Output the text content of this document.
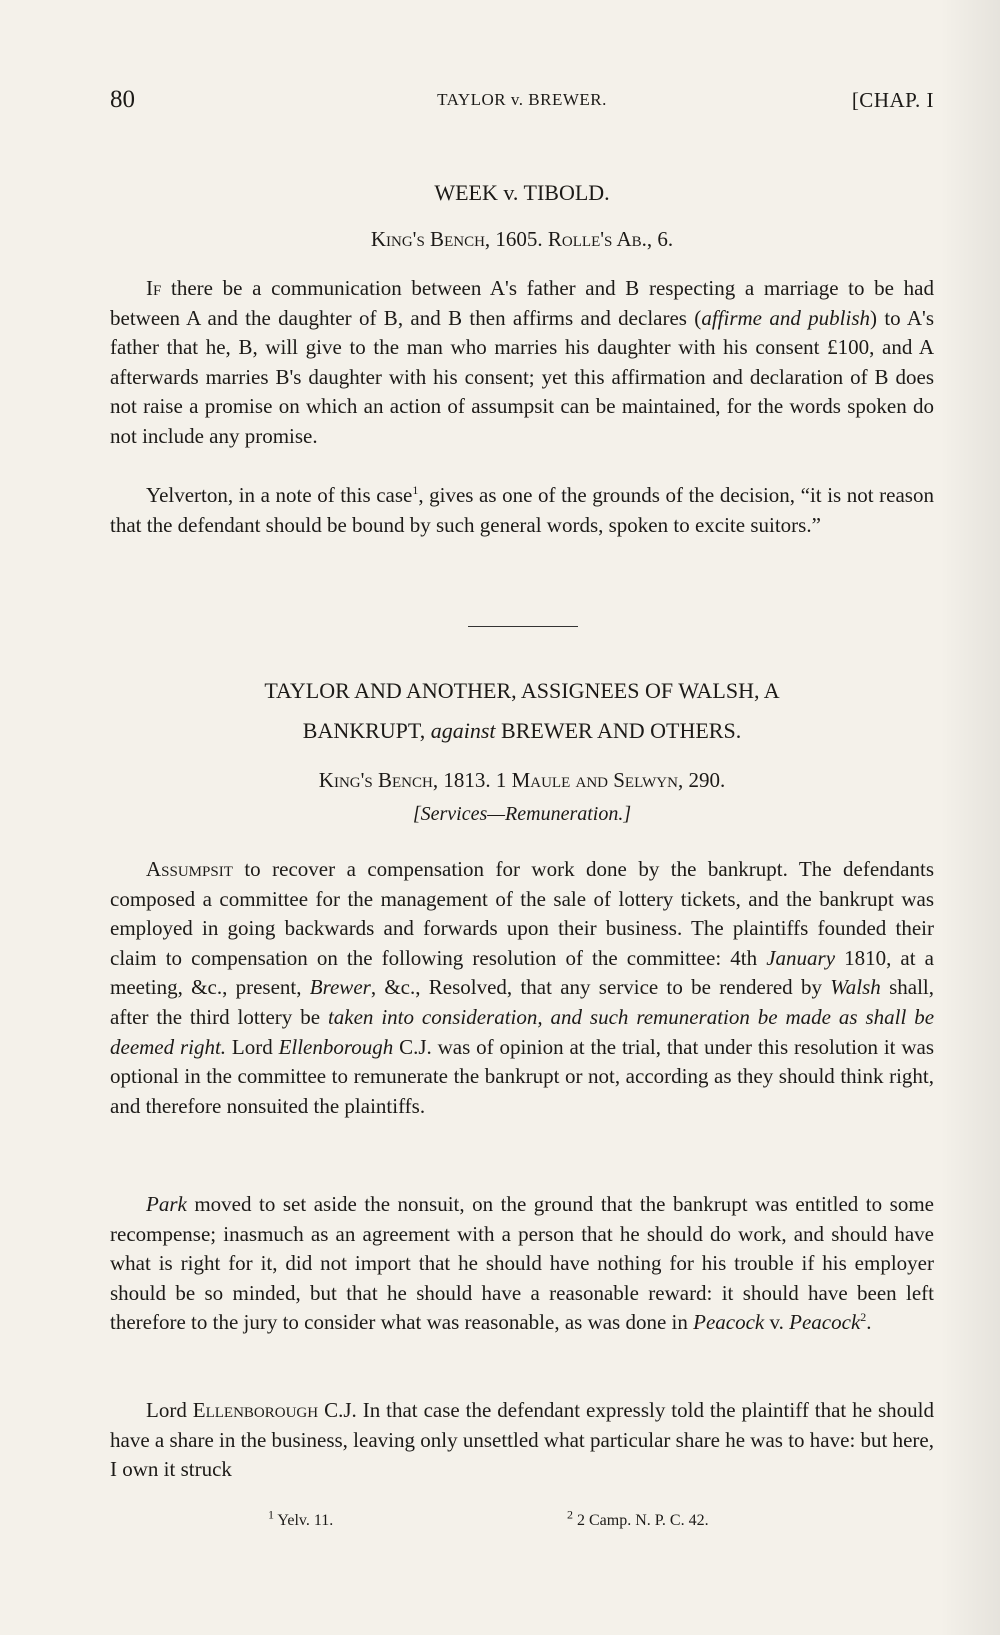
80	TAYLOR v. BREWER.	[CHAP. I
WEEK v. TIBOLD.
King's Bench, 1605. Rolle's Ab., 6.

If there be a communication between A's father and B respecting a marriage to be had between A and the daughter of B, and B then affirms and declares (affirme and publish) to A's father that he, B, will give to the man who marries his daughter with his consent £100, and A afterwards marries B's daughter with his consent; yet this affirmation and declaration of B does not raise a promise on which an action of assumpsit can be maintained, for the words spoken do not include any promise.

Yelverton, in a note of this case$^1$, gives as one of the grounds of the decision, “it is not reason that the defendant should be bound by such general words, spoken to excite suitors.”

TAYLOR AND ANOTHER, ASSIGNEES OF WALSH, A
BANKRUPT, against BREWER AND OTHERS.
King's Bench, 1813. 1 Maule and Selwyn, 290.
[Services—Remuneration.]

Assumpsit to recover a compensation for work done by the bankrupt. The defendants composed a committee for the management of the sale of lottery tickets, and the bankrupt was employed in going backwards and forwards upon their business. The plaintiffs founded their claim to compensation on the following resolution of the committee: 4th January 1810, at a meeting, &c., present, Brewer, &c., Resolved, that any service to be rendered by Walsh shall, after the third lottery be taken into consideration, and such remuneration be made as shall be deemed right. Lord Ellenborough C.J. was of opinion at the trial, that under this resolution it was optional in the committee to remunerate the bankrupt or not, according as they should think right, and therefore nonsuited the plaintiffs.

Park moved to set aside the nonsuit, on the ground that the bankrupt was entitled to some recompense; inasmuch as an agreement with a person that he should do work, and should have what is right for it, did not import that he should have nothing for his trouble if his employer should be so minded, but that he should have a reasonable reward: it should have been left therefore to the jury to consider what was reasonable, as was done in Peacock v. Peacock$^2$.

Lord Ellenborough C.J. In that case the defendant expressly told the plaintiff that he should have a share in the business, leaving only unsettled what particular share he was to have: but here, I own it struck

$^1$ Yelv. 11.	$^2$ 2 Camp. N. P. C. 42.
